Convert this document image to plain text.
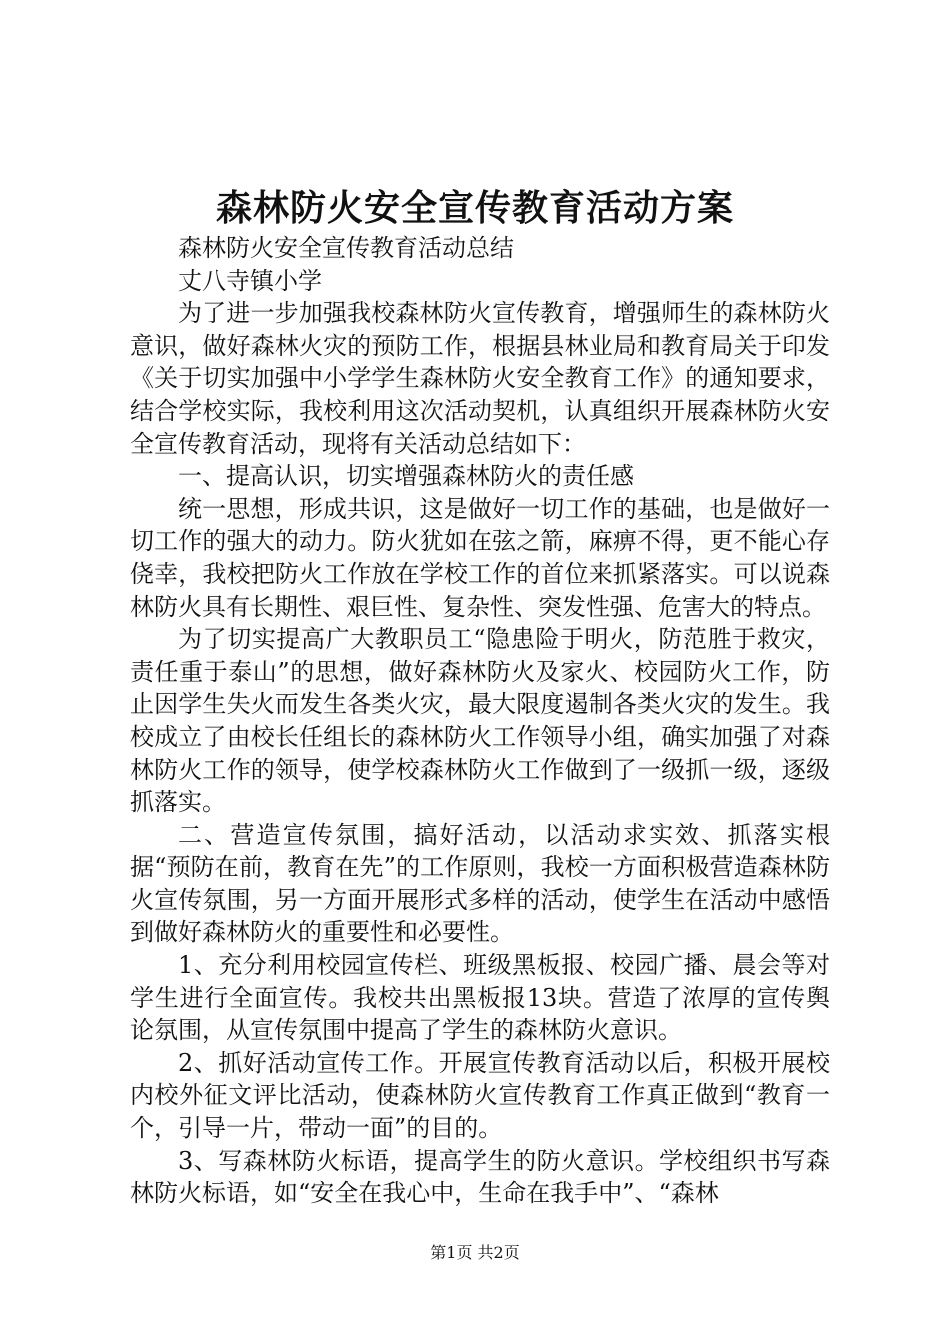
森林防火安全宣传教育活动方案

森林防火安全宣传教育活动总结

丈八寺镇小学

为了进一步加强我校森林防火宣传教育，增强师生的森林防火意识，做好森林火灾的预防工作，根据县林业局和教育局关于印发《关于切实加强中小学学生森林防火安全教育工作》的通知要求，结合学校实际，我校利用这次活动契机，认真组织开展森林防火安全宣传教育活动，现将有关活动总结如下：

一、提高认识，切实增强森林防火的责任感

统一思想，形成共识，这是做好一切工作的基础，也是做好一切工作的强大的动力。防火犹如在弦之箭，麻痹不得，更不能心存侥幸，我校把防火工作放在学校工作的首位来抓紧落实。可以说森林防火具有长期性、艰巨性、复杂性、突发性强、危害大的特点。

为了切实提高广大教职员工“隐患险于明火，防范胜于救灾，责任重于泰山”的思想，做好森林防火及家火、校园防火工作，防止因学生失火而发生各类火灾，最大限度遏制各类火灾的发生。我校成立了由校长任组长的森林防火工作领导小组，确实加强了对森林防火工作的领导，使学校森林防火工作做到了一级抓一级，逐级抓落实。

二、营造宣传氛围，搞好活动，以活动求实效、抓落实根据“预防在前，教育在先”的工作原则，我校一方面积极营造森林防火宣传氛围，另一方面开展形式多样的活动，使学生在活动中感悟到做好森林防火的重要性和必要性。

1、充分利用校园宣传栏、班级黑板报、校园广播、晨会等对学生进行全面宣传。我校共出黑板报13块。营造了浓厚的宣传舆论氛围，从宣传氛围中提高了学生的森林防火意识。

2、抓好活动宣传工作。开展宣传教育活动以后，积极开展校内校外征文评比活动，使森林防火宣传教育工作真正做到“教育一个，引导一片，带动一面”的目的。

3、写森林防火标语，提高学生的防火意识。学校组织书写森林防火标语，如“安全在我心中，生命在我手中”、“森林

第1页 共2页
